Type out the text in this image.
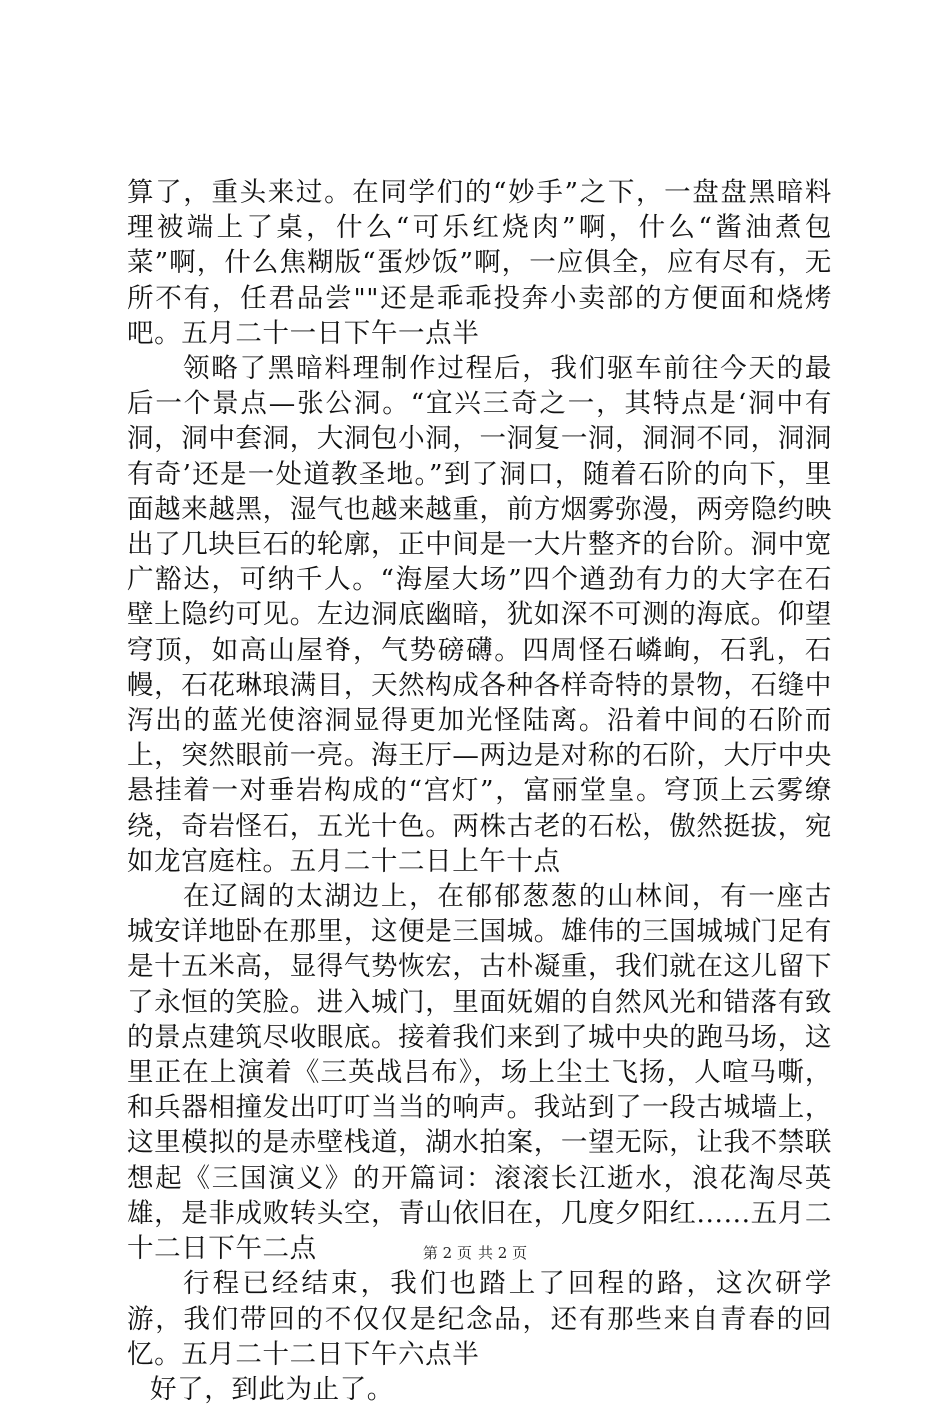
算了，重头来过。在同学们的“妙手”之下，一盘盘黑暗料理被端上了桌，什么“可乐红烧肉”啊，什么“酱油煮包菜”啊，什么焦糊版“蛋炒饭”啊，一应俱全，应有尽有，无所不有，任君品尝""还是乖乖投奔小卖部的方便面和烧烤吧。五月二十一日下午一点半

领略了黑暗料理制作过程后，我们驱车前往今天的最后一个景点—张公洞。“宜兴三奇之一，其特点是‘洞中有洞，洞中套洞，大洞包小洞，一洞复一洞，洞洞不同，洞洞有奇’还是一处道教圣地。”到了洞口，随着石阶的向下，里面越来越黑，湿气也越来越重，前方烟雾弥漫，两旁隐约映出了几块巨石的轮廓，正中间是一大片整齐的台阶。洞中宽广豁达，可纳千人。“海屋大场”四个遒劲有力的大字在石壁上隐约可见。左边洞底幽暗，犹如深不可测的海底。仰望穹顶，如高山屋脊，气势磅礴。四周怪石嶙峋，石乳，石幔，石花琳琅满目，天然构成各种各样奇特的景物，石缝中泻出的蓝光使溶洞显得更加光怪陆离。沿着中间的石阶而上，突然眼前一亮。海王厅—两边是对称的石阶，大厅中央悬挂着一对垂岩构成的“宫灯”，富丽堂皇。穹顶上云雾缭绕，奇岩怪石，五光十色。两株古老的石松，傲然挺拔，宛如龙宫庭柱。五月二十二日上午十点

在辽阔的太湖边上，在郁郁葱葱的山林间，有一座古城安详地卧在那里，这便是三国城。雄伟的三国城城门足有是十五米高，显得气势恢宏，古朴凝重，我们就在这儿留下了永恒的笑脸。进入城门，里面妩媚的自然风光和错落有致的景点建筑尽收眼底。接着我们来到了城中央的跑马场，这里正在上演着《三英战吕布》，场上尘土飞扬，人喧马嘶，和兵器相撞发出叮叮当当的响声。我站到了一段古城墙上，这里模拟的是赤壁栈道，湖水拍案，一望无际，让我不禁联想起《三国演义》的开篇词：滚滚长江逝水，浪花淘尽英雄，是非成败转头空，青山依旧在，几度夕阳红......五月二十二日下午二点

行程已经结束，我们也踏上了回程的路，这次研学游，我们带回的不仅仅是纪念品，还有那些来自青春的回忆。五月二十二日下午六点半

好了，到此为止了。

第 2 页 共 2 页
